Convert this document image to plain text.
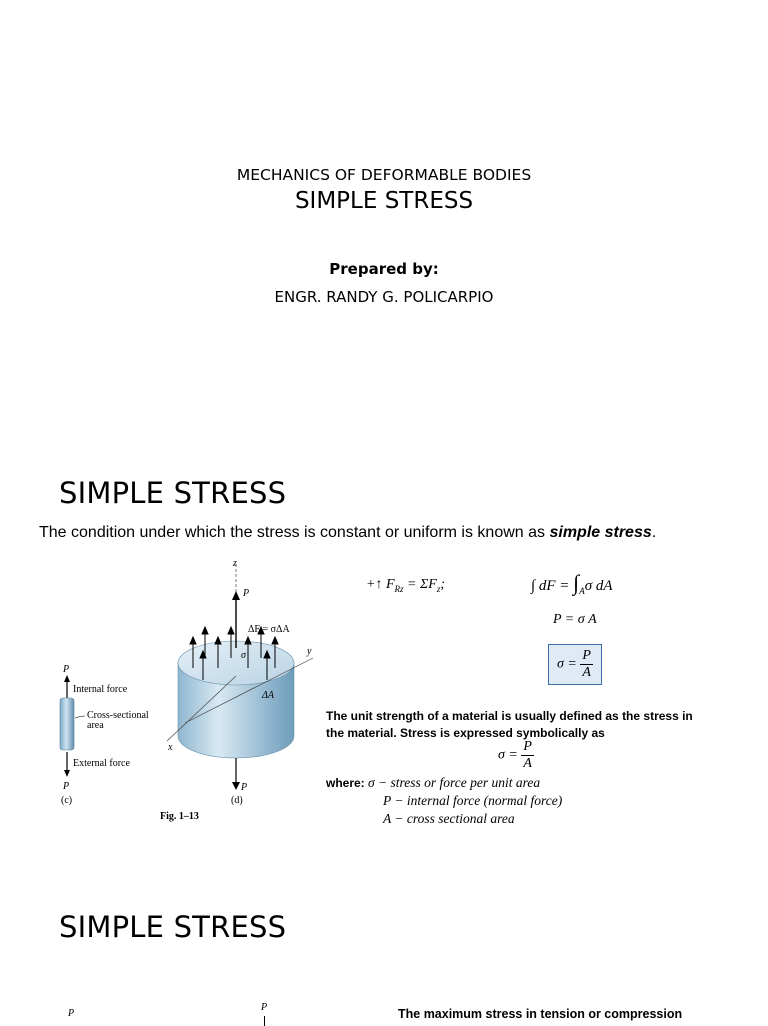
MECHANICS OF DEFORMABLE BODIES
SIMPLE STRESS
Prepared by:
ENGR. RANDY G. POLICARPIO
SIMPLE STRESS
The condition under which the stress is constant or uniform is known as simple stress.
P
P
Internal force
Cross-sectional
area
External force
(c)
z
P
ΔF = σΔA
σ	y
x
ΔA
P
(d)
Fig. 1–13
+↑ $F_{Rz} = \Sigma F_z$;	∫ dF = $\int_A\sigma$ dA
P = σ A
$\sigma = \frac{P}{A}$
The unit strength of a material is usually defined as the stress in
the material. Stress is expressed symbolically as
$\sigma = \frac{P}{A}$
where: σ − stress or force per unit area
P − internal force (normal force)
A − cross sectional area
SIMPLE STRESS
P
P	The maximum stress in tension or compression
